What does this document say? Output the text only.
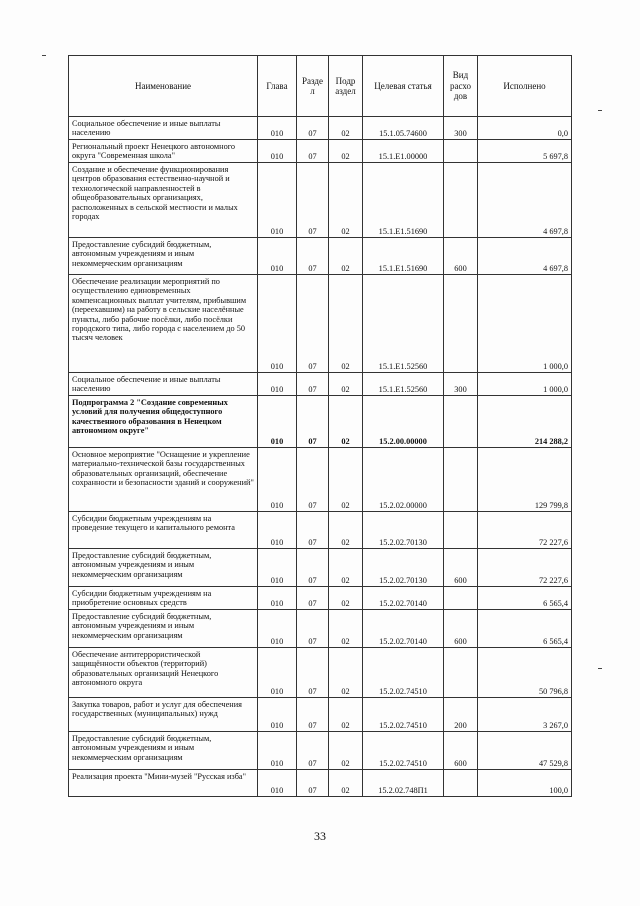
Наименование	Глава	Разде л	Подр аздел	Целевая статья	Вид расхо дов	Исполнено
Социальное обеспечение и иные выплаты населению	010	07	02	15.1.05.74600	300	0,0
Региональный проект Ненецкого автономного округа "Современная школа"	010	07	02	15.1.E1.00000		5 697,8
Создание и обеспечение функционирования центров образования естественно-научной и технологической направленностей в общеобразовательных организациях, расположенных в сельской местности и малых городах	010	07	02	15.1.E1.51690		4 697,8
Предоставление субсидий бюджетным, автономным учреждениям и иным некоммерческим организациям	010	07	02	15.1.E1.51690	600	4 697,8
Обеспечение реализации мероприятий по осуществлению единовременных компенсационных выплат учителям, прибывшим (переехавшим) на работу в сельские населённые пункты, либо рабочие посёлки, либо посёлки городского типа, либо города с населением до 50 тысяч человек	010	07	02	15.1.E1.52560		1 000,0
Социальное обеспечение и иные выплаты населению	010	07	02	15.1.E1.52560	300	1 000,0
Подпрограмма 2 "Создание современных условий для получения общедоступного качественного образования в Ненецком автономном округе"	010	07	02	15.2.00.00000		214 288,2
Основное мероприятие "Оснащение и укрепление материально-технической базы государственных образовательных организаций, обеспечение сохранности и безопасности зданий и сооружений"	010	07	02	15.2.02.00000		129 799,8
Субсидии бюджетным учреждениям на проведение текущего и капитального ремонта	010	07	02	15.2.02.70130		72 227,6
Предоставление субсидий бюджетным, автономным учреждениям и иным некоммерческим организациям	010	07	02	15.2.02.70130	600	72 227,6
Субсидии бюджетным учреждениям на приобретение основных средств	010	07	02	15.2.02.70140		6 565,4
Предоставление субсидий бюджетным, автономным учреждениям и иным некоммерческим организациям	010	07	02	15.2.02.70140	600	6 565,4
Обеспечение антитеррористической защищённости объектов (территорий) образовательных организаций Ненецкого автономного округа	010	07	02	15.2.02.74510		50 796,8
Закупка товаров, работ и услуг для обеспечения государственных (муниципальных) нужд	010	07	02	15.2.02.74510	200	3 267,0
Предоставление субсидий бюджетным, автономным учреждениям и иным некоммерческим организациям	010	07	02	15.2.02.74510	600	47 529,8
Реализация проекта "Мини-музей "Русская изба"	010	07	02	15.2.02.748П1		100,0
33
